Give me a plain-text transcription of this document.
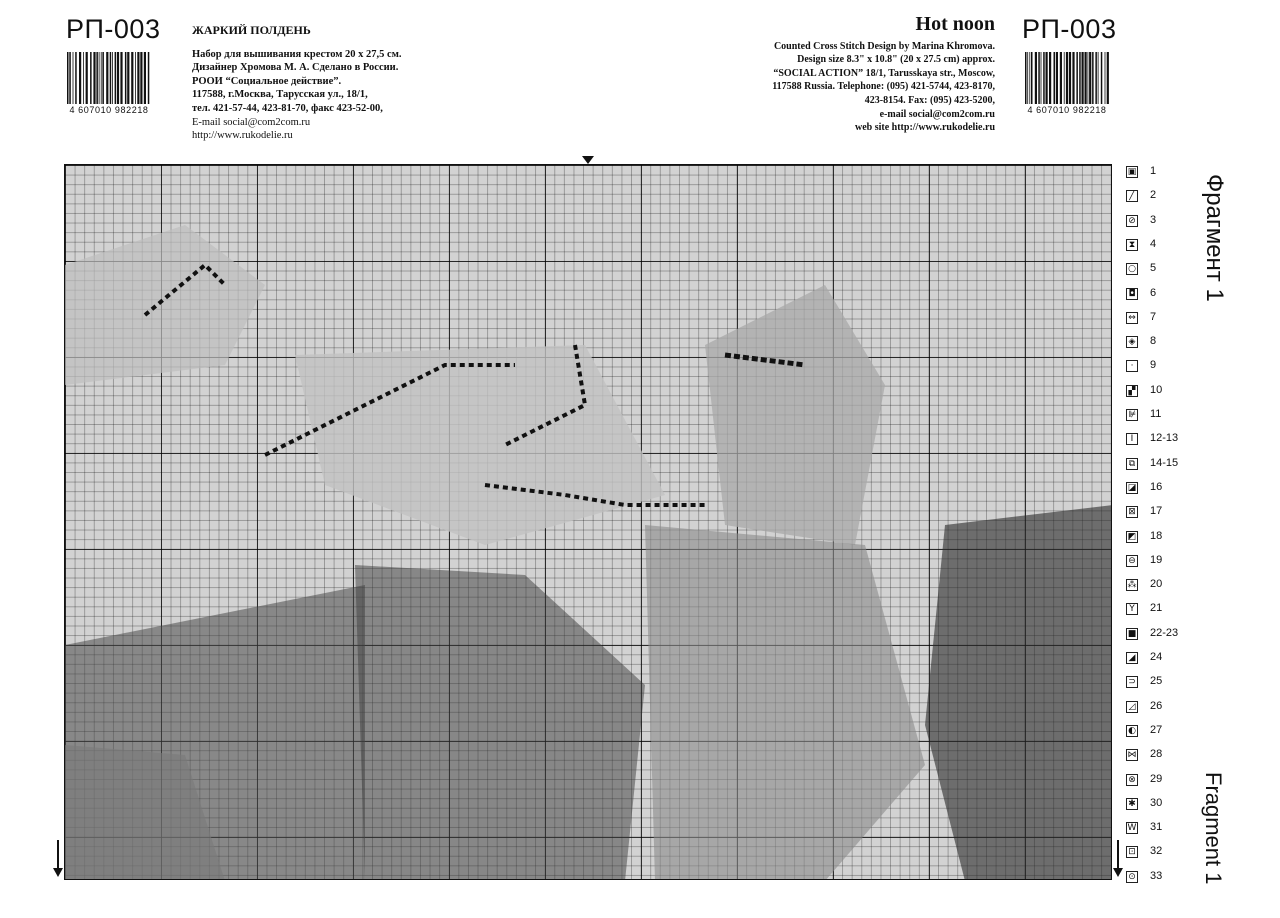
РП-003
4 607010 982218
ЖАРКИЙ ПОЛДЕНЬ
Набор для вышивания крестом 20 х 27,5 см.
Дизайнер Хромова М. А. Сделано в России.
РООИ “Социальное действие”.
117588, г.Москва, Тарусская ул., 18/1,
тел. 421-57-44, 423-81-70, факс 423-52-00,
E-mail social@com2com.ru
http://www.rukodelie.ru
Hot noon
Counted Cross Stitch Design by Marina Khromova.
Design size 8.3" x 10.8" (20 x 27.5 cm) approx.
“SOCIAL ACTION” 18/1, Tarusskaya str., Moscow,
117588 Russia. Telephone: (095) 421-5744, 423-8170,
423-8154. Fax: (095) 423-5200,
e-mail social@com2com.ru
web site http://www.rukodelie.ru
РП-003
4 607010 982218
▣ 1
╱ 2
⊘ 3
⧗ 4
○ 5
◘ 6
⇔ 7
◈ 8
·	9
▞ 10
⊯ 11
I	12-13
⧉ 14-15
◪ 16
⊠ 17
◩ 18
⊖ 19
⁂ 20
Y 21
■ 22-23
◢ 24
⊃ 25
◿ 26
◐ 27
⋈ 28
⊗ 29
✱ 30
W 31
⊡ 32
⊙ 33
Фрагмент 1
Fragment 1
